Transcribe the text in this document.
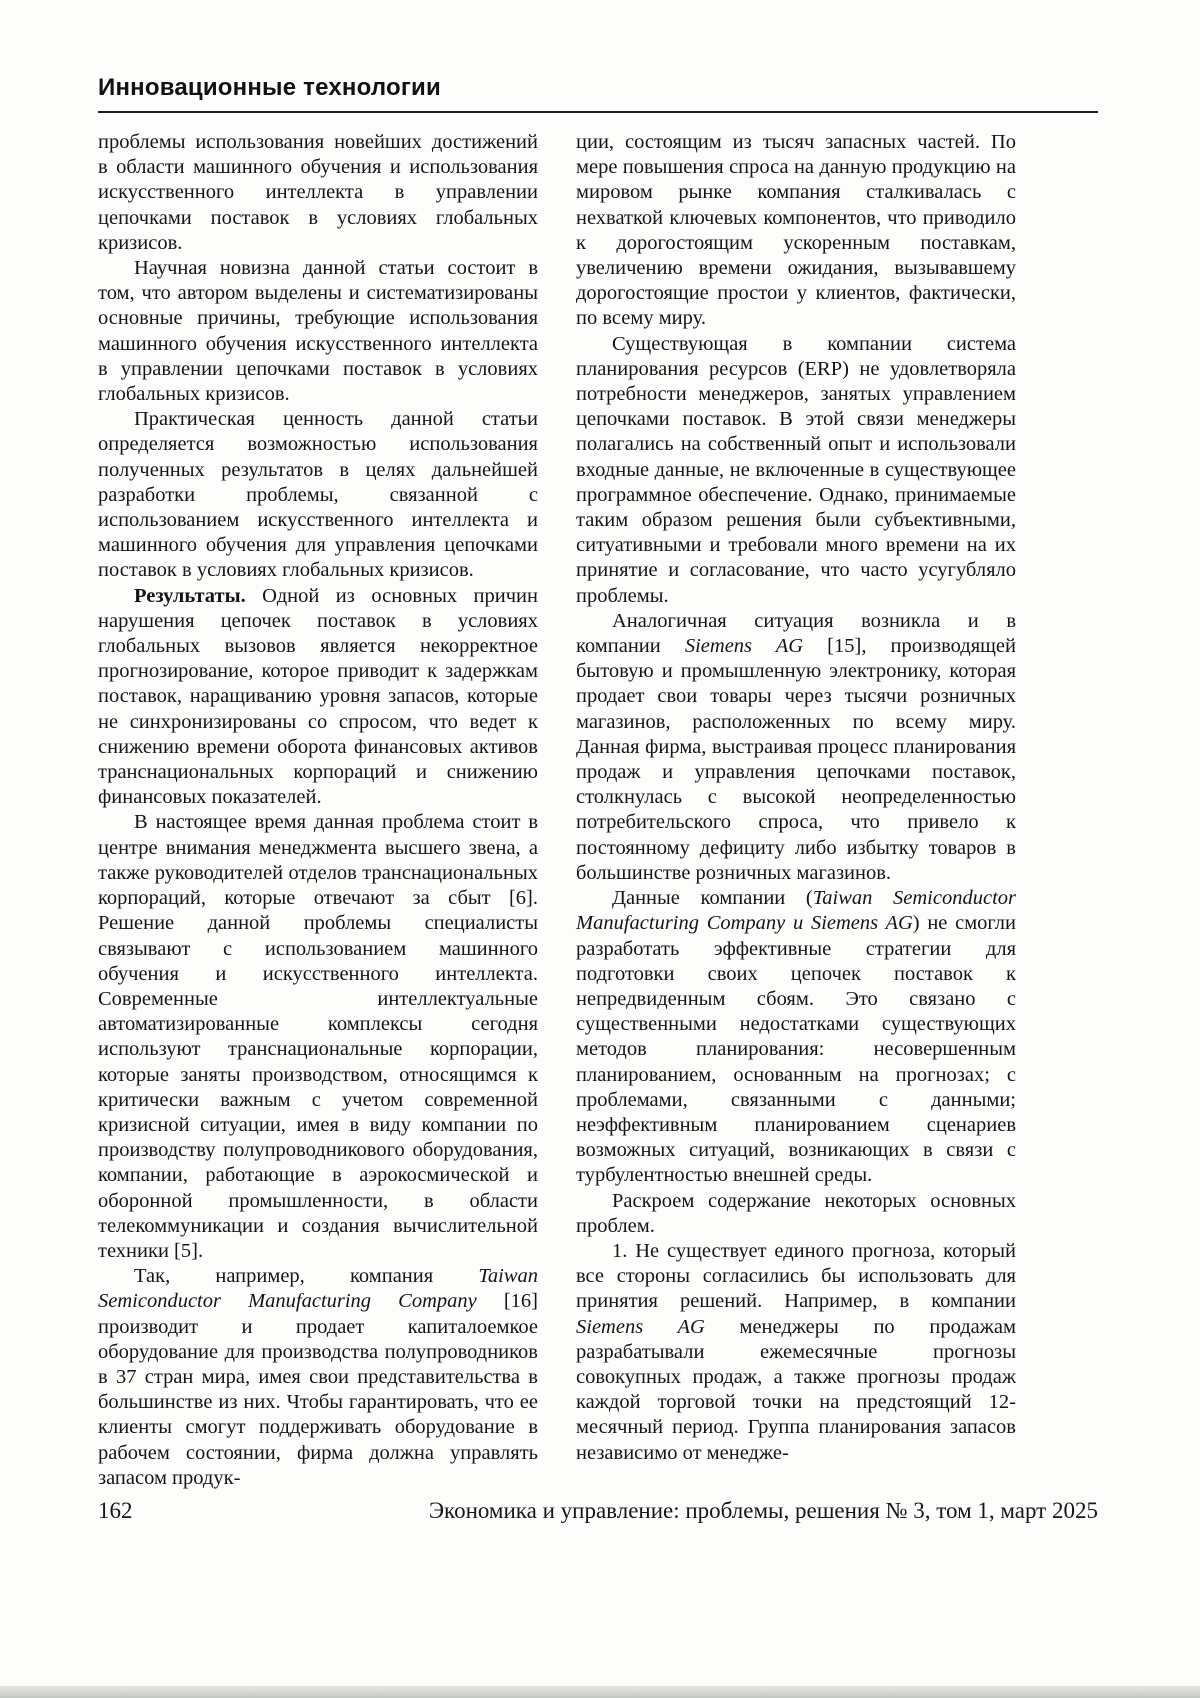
Инновационные технологии

проблемы использования новейших достижений в области машинного обучения и использования искусственного интеллекта в управлении цепочками поставок в условиях глобальных кризисов.

Научная новизна данной статьи состоит в том, что автором выделены и систематизированы основные причины, требующие использования машинного обучения искусственного интеллекта в управлении цепочками поставок в условиях глобальных кризисов.

Практическая ценность данной статьи определяется возможностью использования полученных результатов в целях дальнейшей разработки проблемы, связанной с использованием искусственного интеллекта и машинного обучения для управления цепочками поставок в условиях глобальных кризисов.

Результаты. Одной из основных причин нарушения цепочек поставок в условиях глобальных вызовов является некорректное прогнозирование, которое приводит к задержкам поставок, наращиванию уровня запасов, которые не синхронизированы со спросом, что ведет к снижению времени оборота финансовых активов транснациональных корпораций и снижению финансовых показателей.

В настоящее время данная проблема стоит в центре внимания менеджмента высшего звена, а также руководителей отделов транснациональных корпораций, которые отвечают за сбыт [6]. Решение данной проблемы специалисты связывают с использованием машинного обучения и искусственного интеллекта. Современные интеллектуальные автоматизированные комплексы сегодня используют транснациональные корпорации, которые заняты производством, относящимся к критически важным с учетом современной кризисной ситуации, имея в виду компании по производству полупроводникового оборудования, компании, работающие в аэрокосмической и оборонной промышленности, в области телекоммуникации и создания вычислительной техники [5].

Так, например, компания Taiwan Semiconductor Manufacturing Company [16] производит и продает капиталоемкое оборудование для производства полупроводников в 37 стран мира, имея свои представительства в большинстве из них. Чтобы гарантировать, что ее клиенты смогут поддерживать оборудование в рабочем состоянии, фирма должна управлять запасом продук-

ции, состоящим из тысяч запасных частей. По мере повышения спроса на данную продукцию на мировом рынке компания сталкивалась с нехваткой ключевых компонентов, что приводило к дорогостоящим ускоренным поставкам, увеличению времени ожидания, вызывавшему дорогостоящие простои у клиентов, фактически, по всему миру.

Существующая в компании система планирования ресурсов (ERP) не удовлетворяла потребности менеджеров, занятых управлением цепочками поставок. В этой связи менеджеры полагались на собственный опыт и использовали входные данные, не включенные в существующее программное обеспечение. Однако, принимаемые таким образом решения были субъективными, ситуативными и требовали много времени на их принятие и согласование, что часто усугубляло проблемы.

Аналогичная ситуация возникла и в компании Siemens AG [15], производящей бытовую и промышленную электронику, которая продает свои товары через тысячи розничных магазинов, расположенных по всему миру. Данная фирма, выстраивая процесс планирования продаж и управления цепочками поставок, столкнулась с высокой неопределенностью потребительского спроса, что привело к постоянному дефициту либо избытку товаров в большинстве розничных магазинов.

Данные компании (Taiwan Semiconductor Manufacturing Company и Siemens AG) не смогли разработать эффективные стратегии для подготовки своих цепочек поставок к непредвиденным сбоям. Это связано с существенными недостатками существующих методов планирования: несовершенным планированием, основанным на прогнозах; с проблемами, связанными с данными; неэффективным планированием сценариев возможных ситуаций, возникающих в связи с турбулентностью внешней среды.

Раскроем содержание некоторых основных проблем.

1. Не существует единого прогноза, который все стороны согласились бы использовать для принятия решений. Например, в компании Siemens AG менеджеры по продажам разрабатывали ежемесячные прогнозы совокупных продаж, а также прогнозы продаж каждой торговой точки на предстоящий 12-месячный период. Группа планирования запасов независимо от менедже-

162	Экономика и управление: проблемы, решения № 3, том 1, март 2025
